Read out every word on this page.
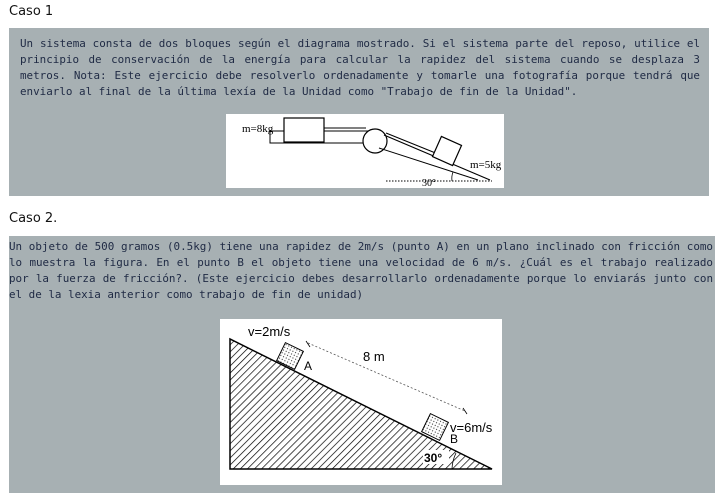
Caso 1
Un sistema consta de dos bloques según el diagrama mostrado. Si el sistema parte del reposo, utilice el principio de conservación de la energía para calcular la rapidez del sistema cuando se desplaza 3 metros. Nota: Este ejercicio debe resolverlo ordenadamente y tomarle una fotografía porque tendrá que enviarlo al final de la última lexía de la Unidad como "Trabajo de fin de la Unidad".
m=8kg
m=5kg
30°
Caso 2.
Un objeto de 500 gramos (0.5kg) tiene una rapidez de 2m/s (punto A) en un plano inclinado con fricción como lo muestra la figura. En el punto B el objeto tiene una velocidad de 6 m/s. ¿Cuál es el trabajo realizado por la fuerza de fricción?. (Este ejercicio debes desarrollarlo ordenadamente porque lo enviarás junto con el de la lexia anterior como trabajo de fin de unidad)
v=2m/s
8 m
A
v=6m/s
B
30°
